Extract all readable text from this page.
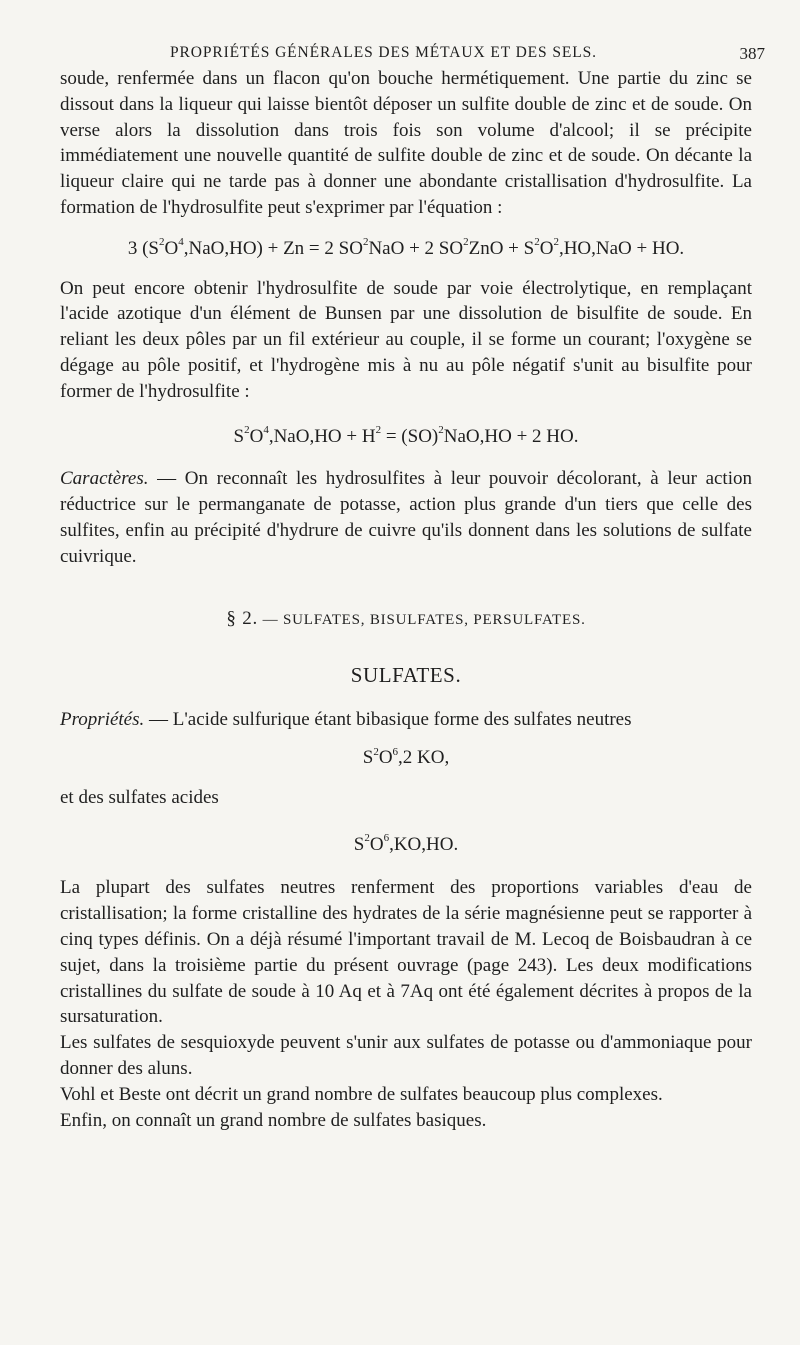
PROPRIÉTÉS GÉNÉRALES DES MÉTAUX ET DES SELS.	387

soude, renfermée dans un flacon qu'on bouche hermétiquement. Une partie du zinc se dissout dans la liqueur qui laisse bientôt déposer un sulfite double de zinc et de soude. On verse alors la dissolution dans trois fois son volume d'alcool; il se précipite immédiatement une nouvelle quantité de sulfite double de zinc et de soude. On décante la liqueur claire qui ne tarde pas à donner une abondante cristallisation d'hydrosulfite. La formation de l'hydrosulfite peut s'exprimer par l'équation :

3 $(S^2O^4,NaO,HO) + Zn = 2$ $SO^2NaO + 2$ $SO^2ZnO + S^2O^2,HO,NaO$ + HO.

On peut encore obtenir l'hydrosulfite de soude par voie électrolytique, en remplaçant l'acide azotique d'un élément de Bunsen par une dissolution de bisulfite de soude. En reliant les deux pôles par un fil extérieur au couple, il se forme un courant; l'oxygène se dégage au pôle positif, et l'hydrogène mis à nu au pôle négatif s'unit au bisulfite pour former de l'hydrosulfite :

$S^2O^4,NaO,HO + H^2 = (SO)^2NaO,HO + 2$ HO.

Caractères. — On reconnaît les hydrosulfites à leur pouvoir décolorant, à leur action réductrice sur le permanganate de potasse, action plus grande d'un tiers que celle des sulfites, enfin au précipité d'hydrure de cuivre qu'ils donnent dans les solutions de sulfate cuivrique.

§ 2. — SULFATES, BISULFATES, PERSULFATES.

SULFATES.

Propriétés. — L'acide sulfurique étant bibasique forme des sulfates neutres

$S^2O^6,2$ KO,

et des sulfates acides

$S^2O^6,KO,HO$.

La plupart des sulfates neutres renferment des proportions variables d'eau de cristallisation; la forme cristalline des hydrates de la série magnésienne peut se rapporter à cinq types définis. On a déjà résumé l'important travail de M. Lecoq de Boisbaudran à ce sujet, dans la troisième partie du présent ouvrage (page 243). Les deux modifications cristallines du sulfate de soude à 10 Aq et à 7Aq ont été également décrites à propos de la sursaturation.

Les sulfates de sesquioxyde peuvent s'unir aux sulfates de potasse ou d'ammoniaque pour donner des aluns.

Vohl et Beste ont décrit un grand nombre de sulfates beaucoup plus complexes.

Enfin, on connaît un grand nombre de sulfates basiques.
